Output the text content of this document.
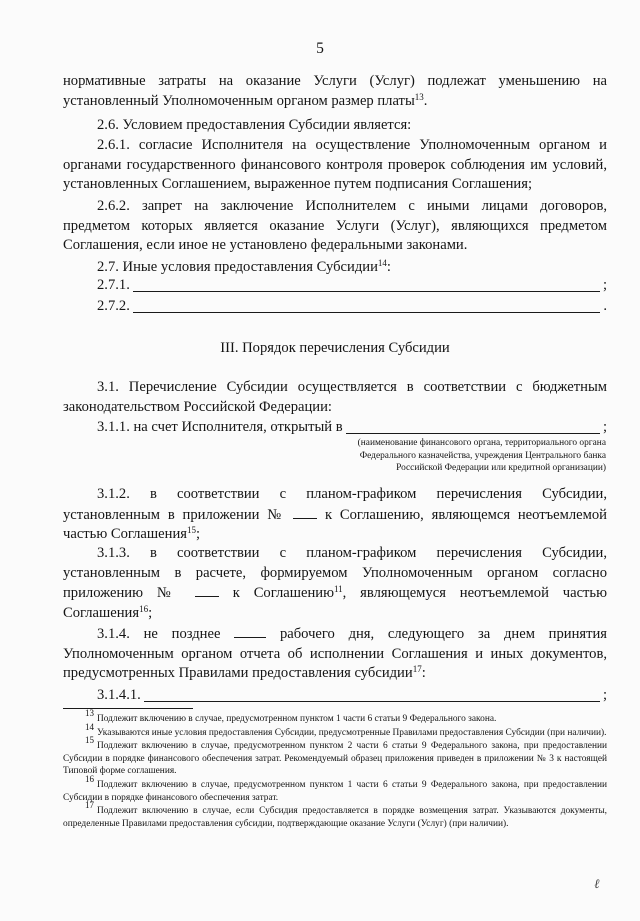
5

нормативные затраты на оказание Услуги (Услуг) подлежат уменьшению на установленный Уполномоченным органом размер платы$^{13}$.

2.6. Условием предоставления Субсидии является:

2.6.1. согласие Исполнителя на осуществление Уполномоченным органом и органами государственного финансового контроля проверок соблюдения им условий, установленных Соглашением, выраженное путем подписания Соглашения;

2.6.2. запрет на заключение Исполнителем с иными лицами договоров, предметом которых является оказание Услуги (Услуг), являющихся предметом Соглашения, если иное не установлено федеральными законами.

2.7. Иные условия предоставления Субсидии$^{14}$:

2.7.1.	;
2.7.2.	.
III. Порядок перечисления Субсидии

3.1. Перечисление Субсидии осуществляется в соответствии с бюджетным законодательством Российской Федерации:

3.1.1. на счет Исполнителя, открытый в	;
(наименование финансового органа, территориального органа Федерального казначейства, учреждения Центрального банка Российской Федерации или кредитной организации)

3.1.2. в соответствии с планом-графиком перечисления Субсидии, установленным в приложении №	к Соглашению, являющемся неотъемлемой частью Соглашения$^{15}$;

3.1.3. в соответствии с планом-графиком перечисления Субсидии, установленным в расчете, формируемом Уполномоченным органом согласно приложению №	к Соглашению$^{11}$, являющемуся неотъемлемой частью Соглашения$^{16}$;

3.1.4. не позднее	рабочего дня, следующего за днем принятия Уполномоченным органом отчета об исполнении Соглашения и иных документов, предусмотренных Правилами предоставления субсидии$^{17}$:

3.1.4.1.	;

$^{13}$Подлежит включению в случае, предусмотренном пунктом 1 части 6 статьи 9 Федерального закона.

$^{14}$Указываются иные условия предоставления Субсидии, предусмотренные Правилами предоставления Субсидии (при наличии).

$^{15}$Подлежит включению в случае, предусмотренном пунктом 2 части 6 статьи 9 Федерального закона, при предоставлении Субсидии в порядке финансового обеспечения затрат. Рекомендуемый образец приложения приведен в приложении № 3 к настоящей Типовой форме соглашения.

$^{16}$Подлежит включению в случае, предусмотренном пунктом 1 части 6 статьи 9 Федерального закона, при предоставлении Субсидии в порядке финансового обеспечения затрат.

$^{17}$Подлежит включению в случае, если Субсидия предоставляется в порядке возмещения затрат. Указываются документы, определенные Правилами предоставления субсидии, подтверждающие оказание Услуги (Услуг) (при наличии).

ℓ
